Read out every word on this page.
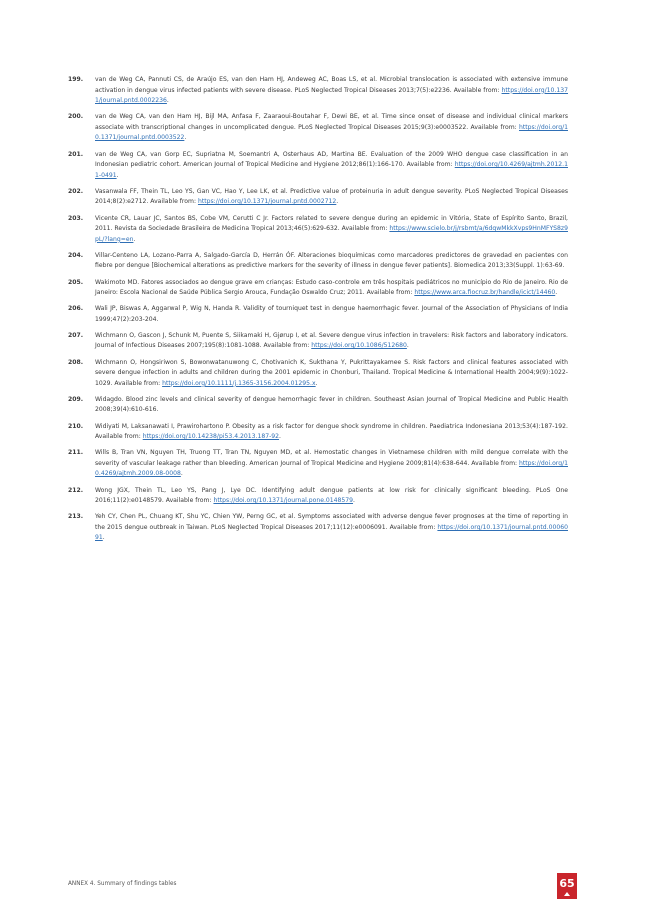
199. van de Weg CA, Pannuti CS, de Araújo ES, van den Ham HJ, Andeweg AC, Boas LS, et al. Microbial translocation is associated with extensive immune activation in dengue virus infected patients with severe disease. PLoS Neglected Tropical Diseases 2013;7(5):e2236. Available from: https://doi.org/10.1371/journal.pntd.0002236.
200. van de Weg CA, van den Ham HJ, Bijl MA, Anfasa F, Zaaraoui-Boutahar F, Dewi BE, et al. Time since onset of disease and individual clinical markers associate with transcriptional changes in uncomplicated dengue. PLoS Neglected Tropical Diseases 2015;9(3):e0003522. Available from: https://doi.org/10.1371/journal.pntd.0003522.
201. van de Weg CA, van Gorp EC, Supriatna M, Soemantri A, Osterhaus AD, Martina BE. Evaluation of the 2009 WHO dengue case classification in an Indonesian pediatric cohort. American Journal of Tropical Medicine and Hygiene 2012;86(1):166-170. Available from: https://doi.org/10.4269/ajtmh.2012.11-0491.
202. Vasanwala FF, Thein TL, Leo YS, Gan VC, Hao Y, Lee LK, et al. Predictive value of proteinuria in adult dengue severity. PLoS Neglected Tropical Diseases 2014;8(2):e2712. Available from: https://doi.org/10.1371/journal.pntd.0002712.
203. Vicente CR, Lauar JC, Santos BS, Cobe VM, Cerutti C Jr. Factors related to severe dengue during an epidemic in Vitória, State of Espírito Santo, Brazil, 2011. Revista da Sociedade Brasileira de Medicina Tropical 2013;46(5):629-632. Available from: https://www.scielo.br/j/rsbmt/a/6dqwMkkXvps9HnMFYS8z9pL/?lang=en.
204. Villar-Centeno LA, Lozano-Parra A, Salgado-García D, Herrán ÓF. Alteraciones bioquímicas como marcadores predictores de gravedad en pacientes con fiebre por dengue [Biochemical alterations as predictive markers for the severity of illness in dengue fever patients]. Biomedica 2013;33(Suppl. 1):63-69.
205. Wakimoto MD. Fatores associados ao dengue grave em crianças: Estudo caso-controle em três hospitais pediátricos no município do Rio de Janeiro. Rio de Janeiro: Escola Nacional de Saúde Pública Sergio Arouca, Fundação Oswaldo Cruz; 2011. Available from: https://www.arca.fiocruz.br/handle/icict/14460.
206. Wali JP, Biswas A, Aggarwal P, Wig N, Handa R. Validity of tourniquet test in dengue haemorrhagic fever. Journal of the Association of Physicians of India 1999;47(2):203-204.
207. Wichmann O, Gascon J, Schunk M, Puente S, Siikamaki H, Gjørup I, et al. Severe dengue virus infection in travelers: Risk factors and laboratory indicators. Journal of Infectious Diseases 2007;195(8):1081-1088. Available from: https://doi.org/10.1086/512680.
208. Wichmann O, Hongsiriwon S, Bowonwatanuwong C, Chotivanich K, Sukthana Y, Pukrittayakamee S. Risk factors and clinical features associated with severe dengue infection in adults and children during the 2001 epidemic in Chonburi, Thailand. Tropical Medicine & International Health 2004;9(9):1022-1029. Available from: https://doi.org/10.1111/j.1365-3156.2004.01295.x.
209. Widagdo. Blood zinc levels and clinical severity of dengue hemorrhagic fever in children. Southeast Asian Journal of Tropical Medicine and Public Health 2008;39(4):610-616.
210. Widiyati M, Laksanawati I, Prawirohartono P. Obesity as a risk factor for dengue shock syndrome in children. Paediatrica Indonesiana 2013;53(4):187-192. Available from: https://doi.org/10.14238/pi53.4.2013.187-92.
211. Wills B, Tran VN, Nguyen TH, Truong TT, Tran TN, Nguyen MD, et al. Hemostatic changes in Vietnamese children with mild dengue correlate with the severity of vascular leakage rather than bleeding. American Journal of Tropical Medicine and Hygiene 2009;81(4):638-644. Available from: https://doi.org/10.4269/ajtmh.2009.08-0008.
212. Wong JGX, Thein TL, Leo YS, Pang J, Lye DC. Identifying adult dengue patients at low risk for clinically significant bleeding. PLoS One 2016;11(2):e0148579. Available from: https://doi.org/10.1371/journal.pone.0148579.
213. Yeh CY, Chen PL, Chuang KT, Shu YC, Chien YW, Perng GC, et al. Symptoms associated with adverse dengue fever prognoses at the time of reporting in the 2015 dengue outbreak in Taiwan. PLoS Neglected Tropical Diseases 2017;11(12):e0006091. Available from: https://doi.org/10.1371/journal.pntd.0006091.
ANNEX 4. Summary of findings tables	65
